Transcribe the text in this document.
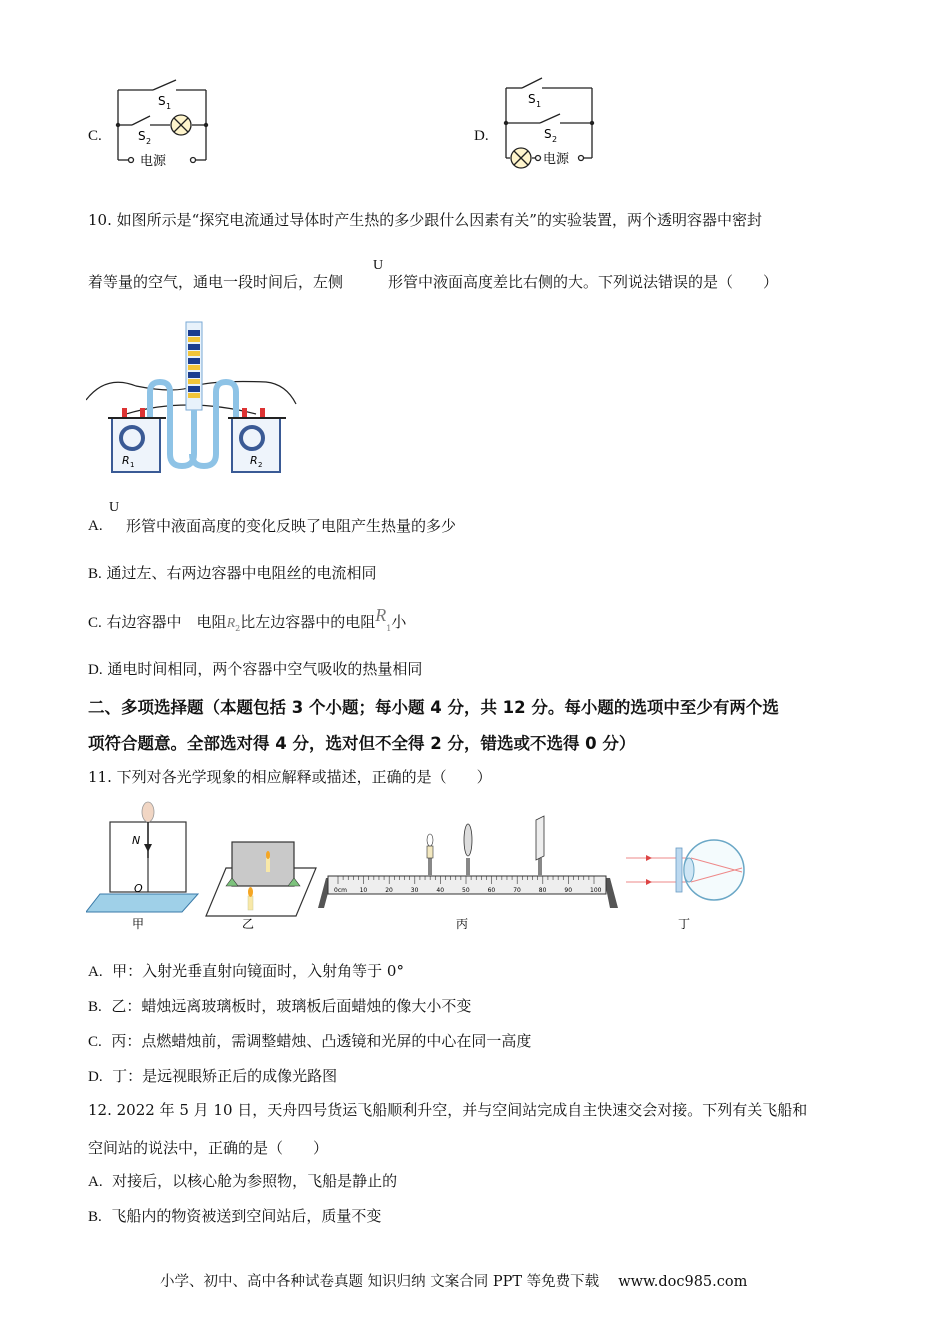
C.
S 1
S 2
电源
D.
S 1
S 2
电源
10. 如图所示是“探究电流通过导体时产生热的多少跟什么因素有关”的实验装置，两个透明容器中密封
着等量的空气，通电一段时间后，左侧
U
形管中液面高度差比右侧的大。下列说法错误的是（　　）
R 1	R 2
A.
U
形管中液面高度的变化反映了电阻产生热量的多少
B. 通过左、右两边容器中电阻丝的电流相同
C. 右边容器中　电阻$R_2$比左边容器中的电阻$R_1$小
D. 通电时间相同，两个容器中空气吸收的热量相同
二、多项选择题（本题包括 3 个小题；每小题 4 分，共 12 分。每小题的选项中至少有两个选
项符合题意。全部选对得 4 分，选对但不全得 2 分，错选或不选得 0 分）
11. 下列对各光学现象的相应解释或描述，正确的是（　　）
N
O
甲	乙
0cm 10	20	30	40	50	60	70	80	90	100
丙	丁
A. 甲：入射光垂直射向镜面时，入射角等于 0°
B. 乙：蜡烛远离玻璃板时，玻璃板后面蜡烛的像大小不变
C. 丙：点燃蜡烛前，需调整蜡烛、凸透镜和光屏的中心在同一高度
D. 丁：是远视眼矫正后的成像光路图
12. 2022 年 5 月 10 日，天舟四号货运飞船顺利升空，并与空间站完成自主快速交会对接。下列有关飞船和
空间站的说法中，正确的是（　　）
A. 对接后，以核心舱为参照物，飞船是静止的
B. 飞船内的物资被送到空间站后，质量不变
小学、初中、高中各种试卷真题 知识归纳 文案合同 PPT 等免费下载　 www.doc985.com
